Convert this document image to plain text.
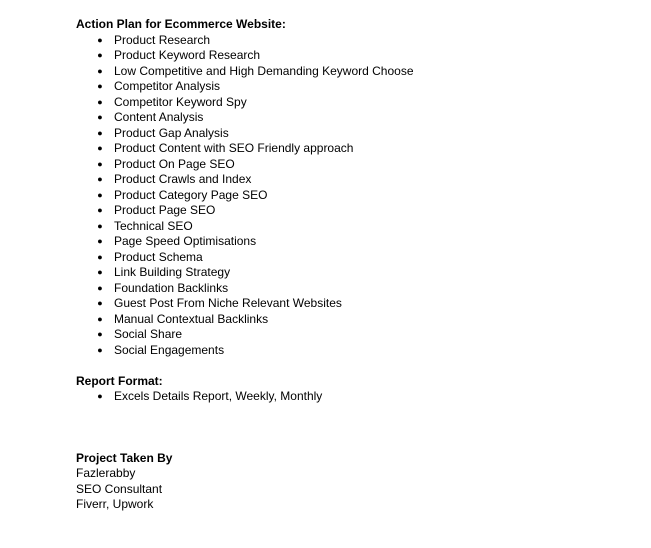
Action Plan for Ecommerce Website:
● Product Research
● Product Keyword Research
● Low Competitive and High Demanding Keyword Choose
● Competitor Analysis
● Competitor Keyword Spy
● Content Analysis
● Product Gap Analysis
● Product Content with SEO Friendly approach
● Product On Page SEO
● Product Crawls and Index
● Product Category Page SEO
● Product Page SEO
● Technical SEO
● Page Speed Optimisations
● Product Schema
● Link Building Strategy
● Foundation Backlinks
● Guest Post From Niche Relevant Websites
● Manual Contextual Backlinks
● Social Share
● Social Engagements
Report Format:
● Excels Details Report, Weekly, Monthly
Project Taken By
Fazlerabby
SEO Consultant
Fiverr, Upwork
